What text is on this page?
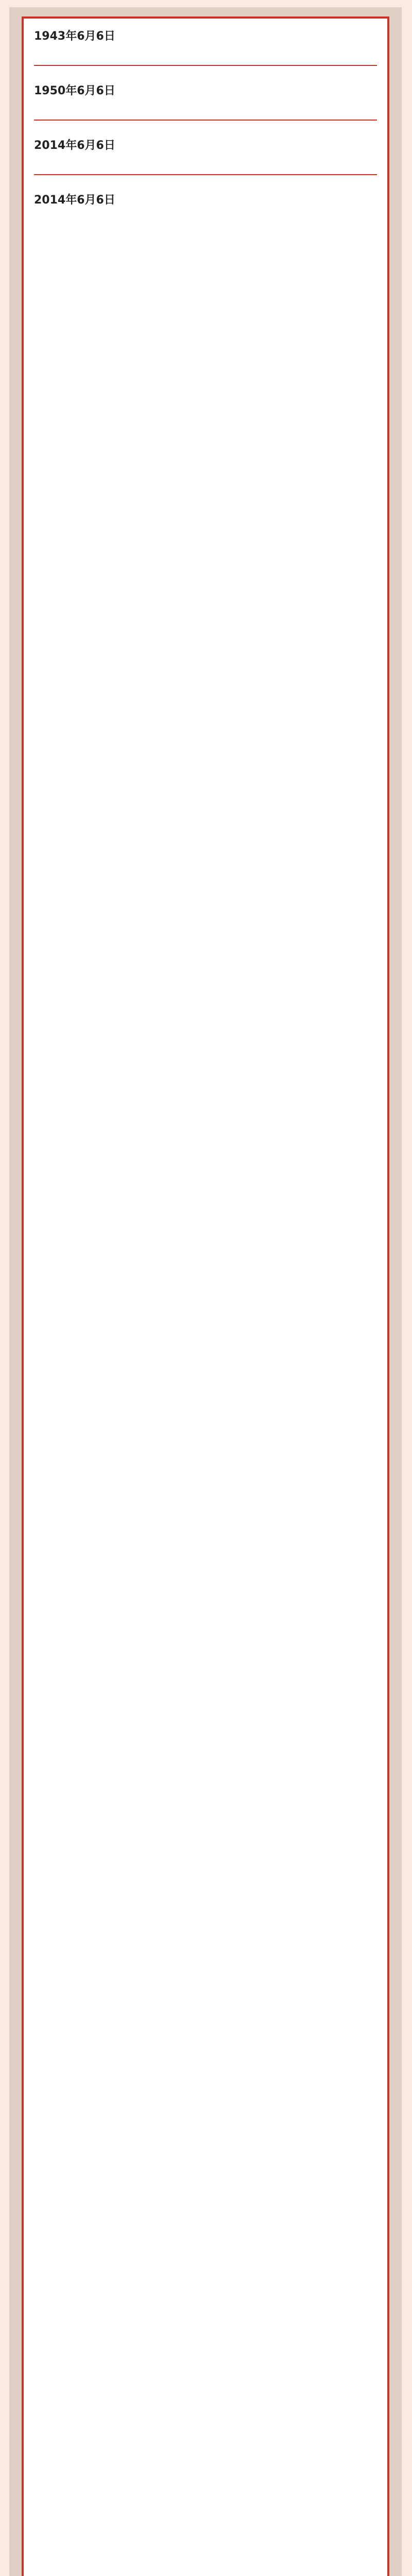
1943年6月6日

1950年6月6日

2014年6月6日

2014年6月6日
